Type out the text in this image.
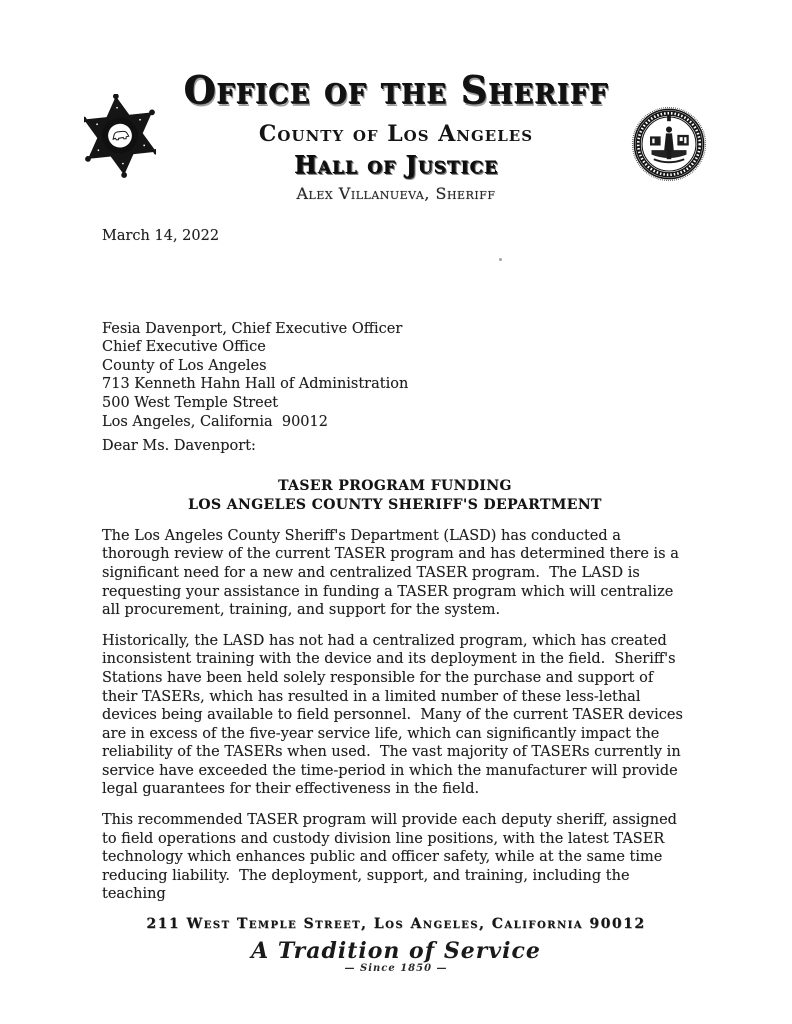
Office of the Sheriff
County of Los Angeles
Hall of Justice
Alex Villanueva, Sheriff
March 14, 2022
Fesia Davenport, Chief Executive Officer
Chief Executive Office
County of Los Angeles
713 Kenneth Hahn Hall of Administration
500 West Temple Street
Los Angeles, California  90012
Dear Ms. Davenport:
TASER PROGRAM FUNDING
LOS ANGELES COUNTY SHERIFF'S DEPARTMENT
The Los Angeles County Sheriff's Department (LASD) has conducted a thorough review of the current TASER program and has determined there is a significant need for a new and centralized TASER program.  The LASD is requesting your assistance in funding a TASER program which will centralize all procurement, training, and support for the system.
Historically, the LASD has not had a centralized program, which has created inconsistent training with the device and its deployment in the field.  Sheriff's Stations have been held solely responsible for the purchase and support of their TASERs, which has resulted in a limited number of these less-lethal devices being available to field personnel.  Many of the current TASER devices are in excess of the five-year service life, which can significantly impact the reliability of the TASERs when used.  The vast majority of TASERs currently in service have exceeded the time-period in which the manufacturer will provide legal guarantees for their effectiveness in the field.
This recommended TASER program will provide each deputy sheriff, assigned to field operations and custody division line positions, with the latest TASER technology which enhances public and officer safety, while at the same time reducing liability.  The deployment, support, and training, including the teaching
211 West Temple Street, Los Angeles, California 90012
A Tradition of Service
— Since 1850 —
